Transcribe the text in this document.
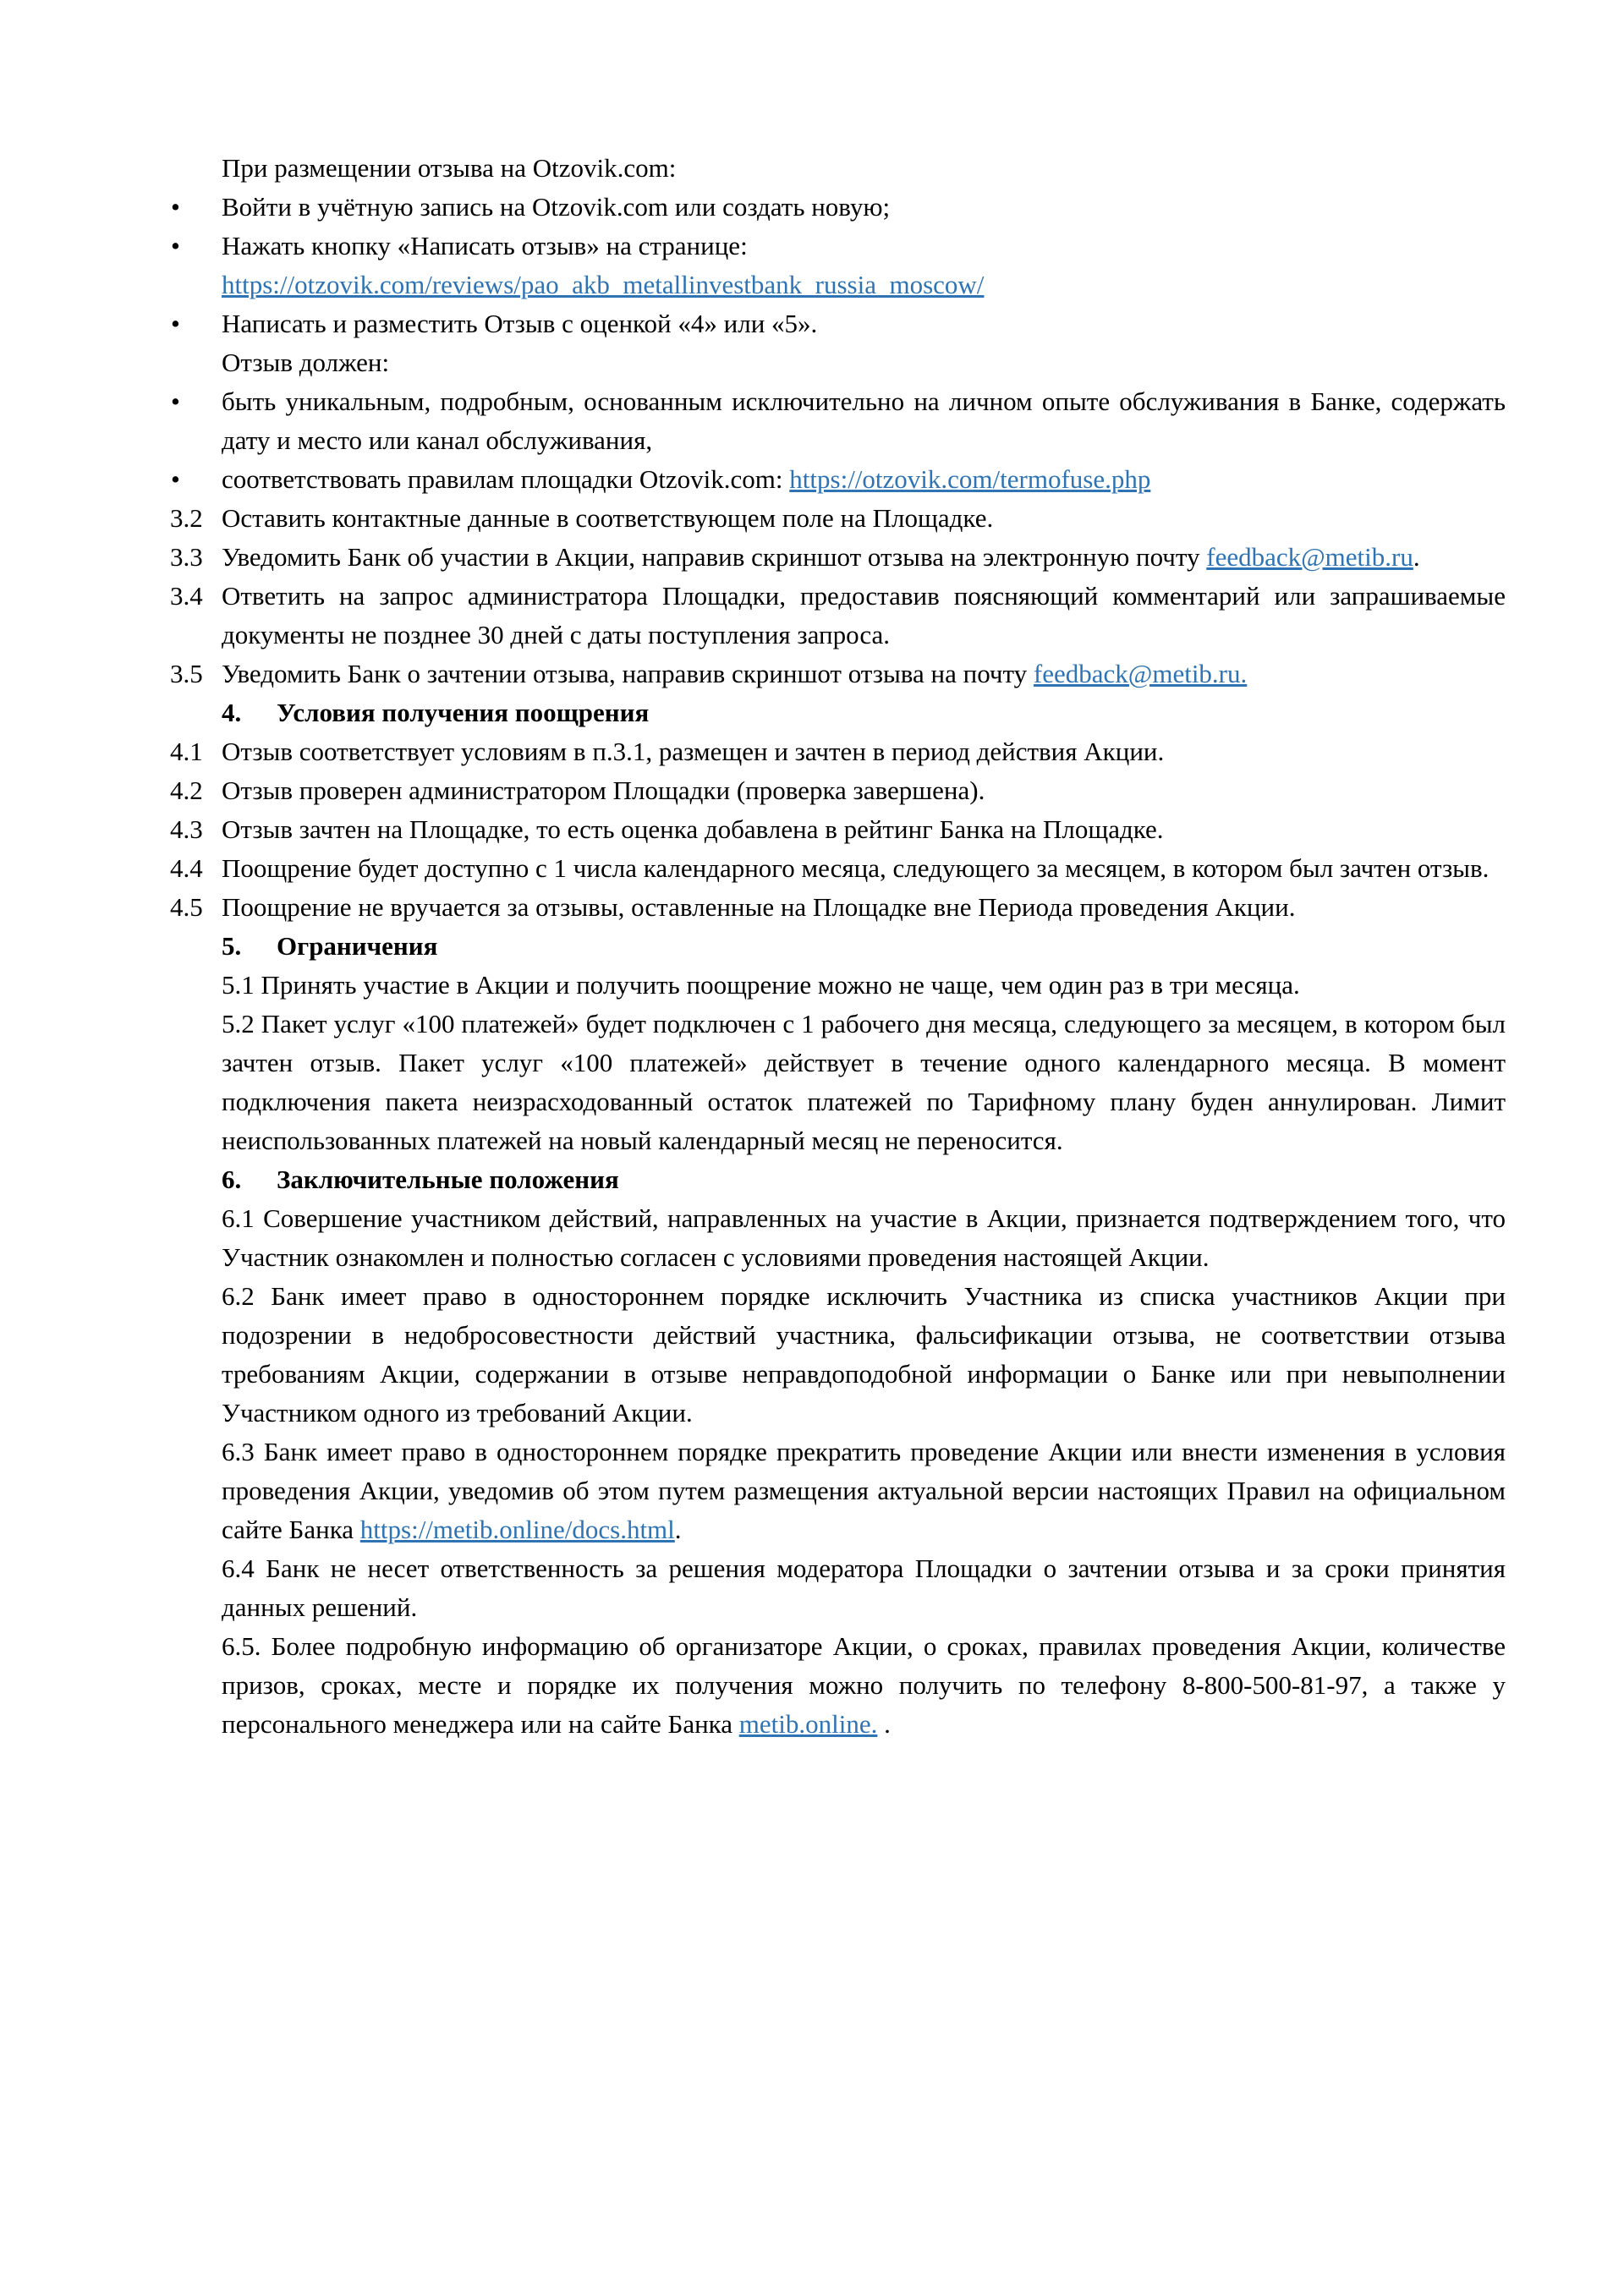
При размещении отзыва на Otzovik.com:

• Войти в учётную запись на Otzovik.com или создать новую;
• Нажать кнопку «Написать отзыв» на странице:
https://otzovik.com/reviews/pao_akb_metallinvestbank_russia_moscow/
• Написать и разместить Отзыв с оценкой «4» или «5».

Отзыв должен:

• быть уникальным, подробным, основанным исключительно на личном опыте обслуживания в Банке, содержать дату и место или канал обслуживания,
• соответствовать правилам площадки Otzovik.com: https://otzovik.com/termofuse.php
3.2 Оставить контактные данные в соответствующем поле на Площадке.
3.3 Уведомить Банк об участии в Акции, направив скриншот отзыва на электронную почту feedback@metib.ru.
3.4 Ответить на запрос администратора Площадки, предоставив поясняющий комментарий или запрашиваемые документы не позднее 30 дней с даты поступления запроса.
3.5 Уведомить Банк о зачтении отзыва, направив скриншот отзыва на почту feedback@metib.ru.
4. Условия получения поощрения
4.1 Отзыв соответствует условиям в п.3.1, размещен и зачтен в период действия Акции.
4.2 Отзыв проверен администратором Площадки (проверка завершена).
4.3 Отзыв зачтен на Площадке, то есть оценка добавлена в рейтинг Банка на Площадке.
4.4 Поощрение будет доступно с 1 числа календарного месяца, следующего за месяцем, в котором был зачтен отзыв.
4.5 Поощрение не вручается за отзывы, оставленные на Площадке вне Периода проведения Акции.
5. Ограничения

5.1 Принять участие в Акции и получить поощрение можно не чаще, чем один раз в три месяца.

5.2 Пакет услуг «100 платежей» будет подключен с 1 рабочего дня месяца, следующего за месяцем, в котором был зачтен отзыв. Пакет услуг «100 платежей» действует в течение одного календарного месяца. В момент подключения пакета неизрасходованный остаток платежей по Тарифному плану буден аннулирован. Лимит неиспользованных платежей на новый календарный месяц не переносится.

6. Заключительные положения

6.1 Совершение участником действий, направленных на участие в Акции, признается подтверждением того, что Участник ознакомлен и полностью согласен с условиями проведения настоящей Акции.

6.2 Банк имеет право в одностороннем порядке исключить Участника из списка участников Акции при подозрении в недобросовестности действий участника, фальсификации отзыва, не соответствии отзыва требованиям Акции, содержании в отзыве неправдоподобной информации о Банке или при невыполнении Участником одного из требований Акции.

6.3 Банк имеет право в одностороннем порядке прекратить проведение Акции или внести изменения в условия проведения Акции, уведомив об этом путем размещения актуальной версии настоящих Правил на официальном сайте Банка https://metib.online/docs.html.

6.4 Банк не несет ответственность за решения модератора Площадки о зачтении отзыва и за сроки принятия данных решений.

6.5. Более подробную информацию об организаторе Акции, о сроках, правилах проведения Акции, количестве призов, сроках, месте и порядке их получения можно получить по телефону 8-800-500-81-97, а также у персонального менеджера или на сайте Банка metib.online. .
